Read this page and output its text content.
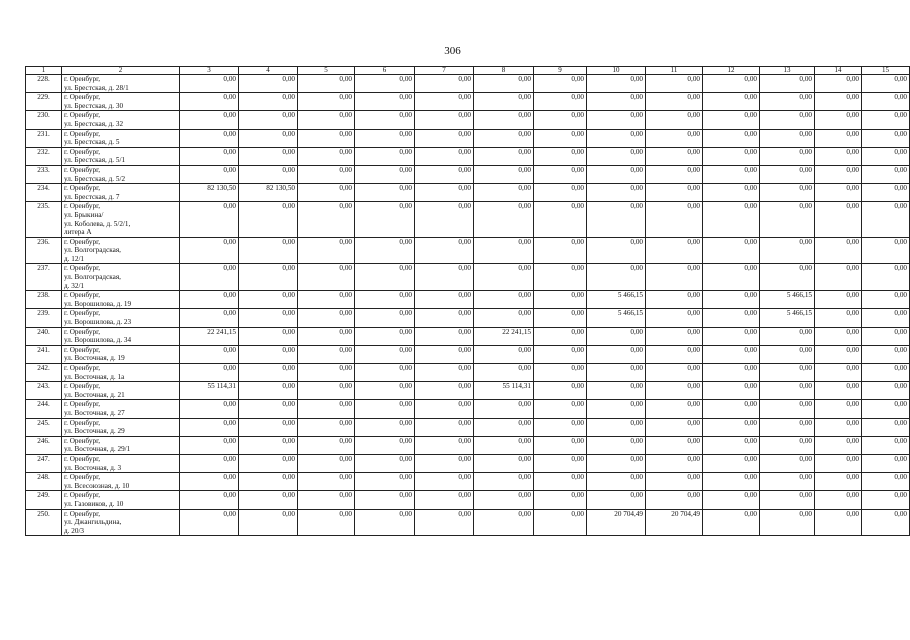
306
1	2	3	4	5	6	7	8	9	10	11	12	13	14	15
228.	г. Оренбург,
ул. Брестская, д. 28/1	0,00	0,00	0,00	0,00	0,00	0,00	0,00	0,00	0,00	0,00	0,00	0,00	0,00
229.	г. Оренбург,
ул. Брестская, д. 30	0,00	0,00	0,00	0,00	0,00	0,00	0,00	0,00	0,00	0,00	0,00	0,00	0,00
230.	г. Оренбург,
ул. Брестская, д. 32	0,00	0,00	0,00	0,00	0,00	0,00	0,00	0,00	0,00	0,00	0,00	0,00	0,00
231.	г. Оренбург,
ул. Брестская, д. 5	0,00	0,00	0,00	0,00	0,00	0,00	0,00	0,00	0,00	0,00	0,00	0,00	0,00
232.	г. Оренбург,
ул. Брестская, д. 5/1	0,00	0,00	0,00	0,00	0,00	0,00	0,00	0,00	0,00	0,00	0,00	0,00	0,00
233.	г. Оренбург,
ул. Брестская, д. 5/2	0,00	0,00	0,00	0,00	0,00	0,00	0,00	0,00	0,00	0,00	0,00	0,00	0,00
234.	г. Оренбург,
ул. Брестская, д. 7	82 130,50	82 130,50	0,00	0,00	0,00	0,00	0,00	0,00	0,00	0,00	0,00	0,00	0,00
235.	г. Оренбург,
ул. Брыкина/
ул. Коболева, д. 5/2/1,
литера А	0,00	0,00	0,00	0,00	0,00	0,00	0,00	0,00	0,00	0,00	0,00	0,00	0,00
236.	г. Оренбург,
ул. Волгоградская,
д. 12/1	0,00	0,00	0,00	0,00	0,00	0,00	0,00	0,00	0,00	0,00	0,00	0,00	0,00
237.	г. Оренбург,
ул. Волгоградская,
д. 32/1	0,00	0,00	0,00	0,00	0,00	0,00	0,00	0,00	0,00	0,00	0,00	0,00	0,00
238.	г. Оренбург,
ул. Ворошилова, д. 19	0,00	0,00	0,00	0,00	0,00	0,00	0,00	5 466,15	0,00	0,00	5 466,15	0,00	0,00
239.	г. Оренбург,
ул. Ворошилова, д. 23	0,00	0,00	0,00	0,00	0,00	0,00	0,00	5 466,15	0,00	0,00	5 466,15	0,00	0,00
240.	г. Оренбург,
ул. Ворошилова, д. 34	22 241,15	0,00	0,00	0,00	0,00	22 241,15	0,00	0,00	0,00	0,00	0,00	0,00	0,00
241.	г. Оренбург,
ул. Восточная, д. 19	0,00	0,00	0,00	0,00	0,00	0,00	0,00	0,00	0,00	0,00	0,00	0,00	0,00
242.	г. Оренбург,
ул. Восточная, д. 1а	0,00	0,00	0,00	0,00	0,00	0,00	0,00	0,00	0,00	0,00	0,00	0,00	0,00
243.	г. Оренбург,
ул. Восточная, д. 21	55 114,31	0,00	0,00	0,00	0,00	55 114,31	0,00	0,00	0,00	0,00	0,00	0,00	0,00
244.	г. Оренбург,
ул. Восточная, д. 27	0,00	0,00	0,00	0,00	0,00	0,00	0,00	0,00	0,00	0,00	0,00	0,00	0,00
245.	г. Оренбург,
ул. Восточная, д. 29	0,00	0,00	0,00	0,00	0,00	0,00	0,00	0,00	0,00	0,00	0,00	0,00	0,00
246.	г. Оренбург,
ул. Восточная, д. 29/1	0,00	0,00	0,00	0,00	0,00	0,00	0,00	0,00	0,00	0,00	0,00	0,00	0,00
247.	г. Оренбург,
ул. Восточная, д. 3	0,00	0,00	0,00	0,00	0,00	0,00	0,00	0,00	0,00	0,00	0,00	0,00	0,00
248.	г. Оренбург,
ул. Всесоюзная, д. 10	0,00	0,00	0,00	0,00	0,00	0,00	0,00	0,00	0,00	0,00	0,00	0,00	0,00
249.	г. Оренбург,
ул. Газовиков, д. 10	0,00	0,00	0,00	0,00	0,00	0,00	0,00	0,00	0,00	0,00	0,00	0,00	0,00
250.	г. Оренбург,
ул. Джангильдина,
д. 20/3	0,00	0,00	0,00	0,00	0,00	0,00	0,00	20 704,49	20 704,49	0,00	0,00	0,00	0,00
